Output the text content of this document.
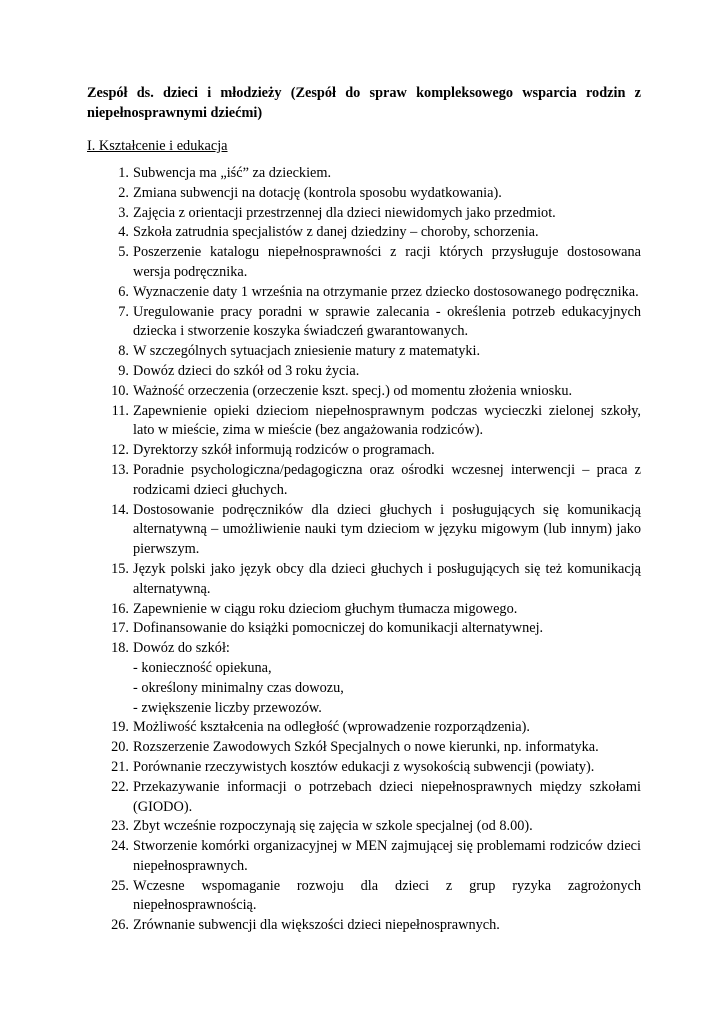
Zespół ds. dzieci i młodzieży (Zespół do spraw kompleksowego wsparcia rodzin z niepełnosprawnymi dziećmi)

I. Kształcenie i edukacja
1. Subwencja ma „iść” za dzieckiem.
2. Zmiana subwencji na dotację (kontrola sposobu wydatkowania).
3. Zajęcia z orientacji przestrzennej dla dzieci niewidomych jako przedmiot.
4. Szkoła zatrudnia specjalistów z danej dziedziny – choroby, schorzenia.
5. Poszerzenie katalogu niepełnosprawności z racji których przysługuje dostosowana wersja podręcznika.
6. Wyznaczenie daty 1 września na otrzymanie przez dziecko dostosowanego podręcznika.
7. Uregulowanie pracy poradni w sprawie zalecania - określenia potrzeb edukacyjnych dziecka i stworzenie koszyka świadczeń gwarantowanych.
8. W szczególnych sytuacjach zniesienie matury z matematyki.
9. Dowóz dzieci do szkół od 3 roku życia.
10. Ważność orzeczenia (orzeczenie kszt. specj.) od momentu złożenia wniosku.
11. Zapewnienie opieki dzieciom niepełnosprawnym podczas wycieczki zielonej szkoły, lato w mieście, zima w mieście (bez angażowania rodziców).
12. Dyrektorzy szkół informują rodziców o programach.
13. Poradnie psychologiczna/pedagogiczna oraz ośrodki wczesnej interwencji – praca z rodzicami dzieci głuchych.
14. Dostosowanie podręczników dla dzieci głuchych i posługujących się komunikacją alternatywną – umożliwienie nauki tym dzieciom w języku migowym (lub innym) jako pierwszym.
15. Język polski jako język obcy dla dzieci głuchych i posługujących się też komunikacją alternatywną.
16. Zapewnienie w ciągu roku dzieciom głuchym tłumacza migowego.
17. Dofinansowanie do książki pomocniczej do komunikacji alternatywnej.
18. Dowóz do szkół:
- konieczność opiekuna,
- określony minimalny czas dowozu,
- zwiększenie liczby przewozów.
19. Możliwość kształcenia na odległość (wprowadzenie rozporządzenia).
20. Rozszerzenie Zawodowych Szkół Specjalnych o nowe kierunki, np. informatyka.
21. Porównanie rzeczywistych kosztów edukacji z wysokością subwencji (powiaty).
22. Przekazywanie informacji o potrzebach dzieci niepełnosprawnych między szkołami (GIODO).
23. Zbyt wcześnie rozpoczynają się zajęcia w szkole specjalnej (od 8.00).
24. Stworzenie komórki organizacyjnej w MEN zajmującej się problemami rodziców dzieci niepełnosprawnych.
25. Wczesne wspomaganie rozwoju dla dzieci z grup ryzyka zagrożonych niepełnosprawnością.
26. Zrównanie subwencji dla większości dzieci niepełnosprawnych.
